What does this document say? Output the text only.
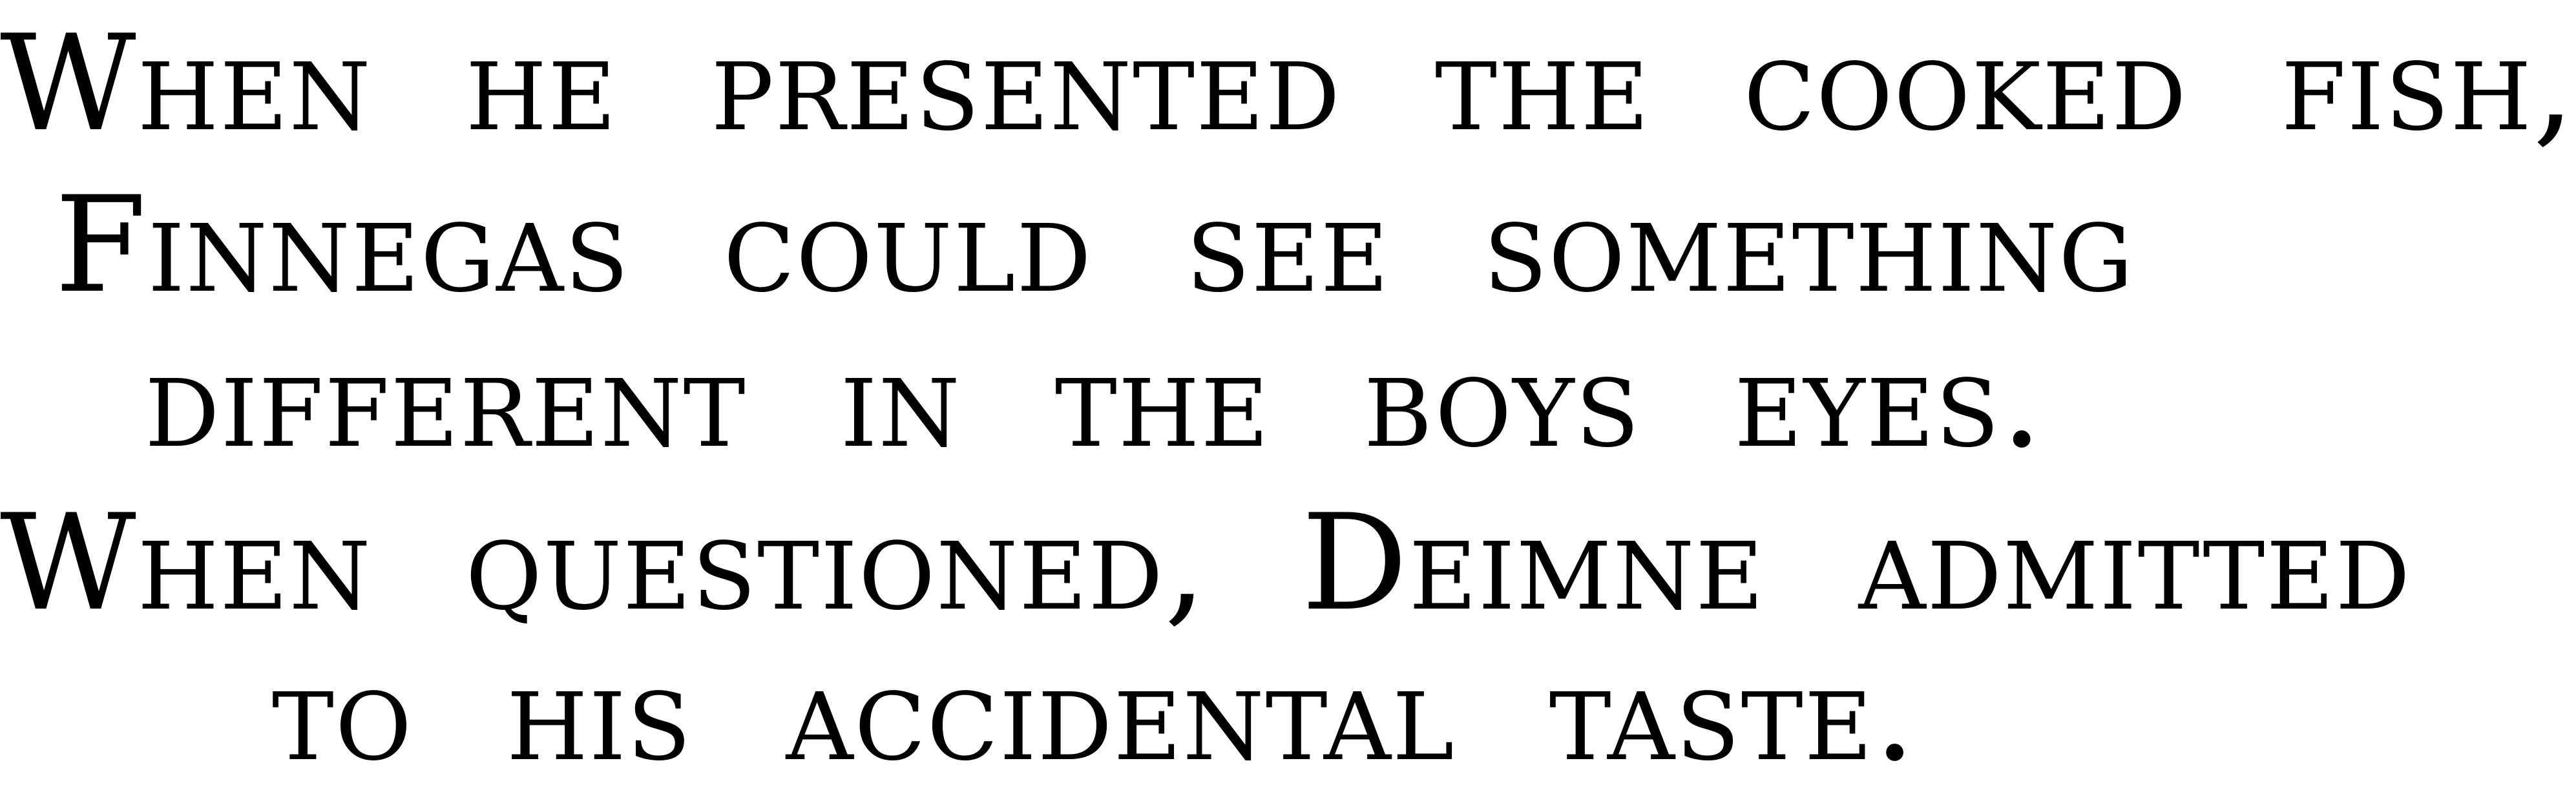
When he presented the cooked fish,
Finnegas could see something
different in the boys eyes.
When questioned, Deimne admitted
to his accidental taste.
